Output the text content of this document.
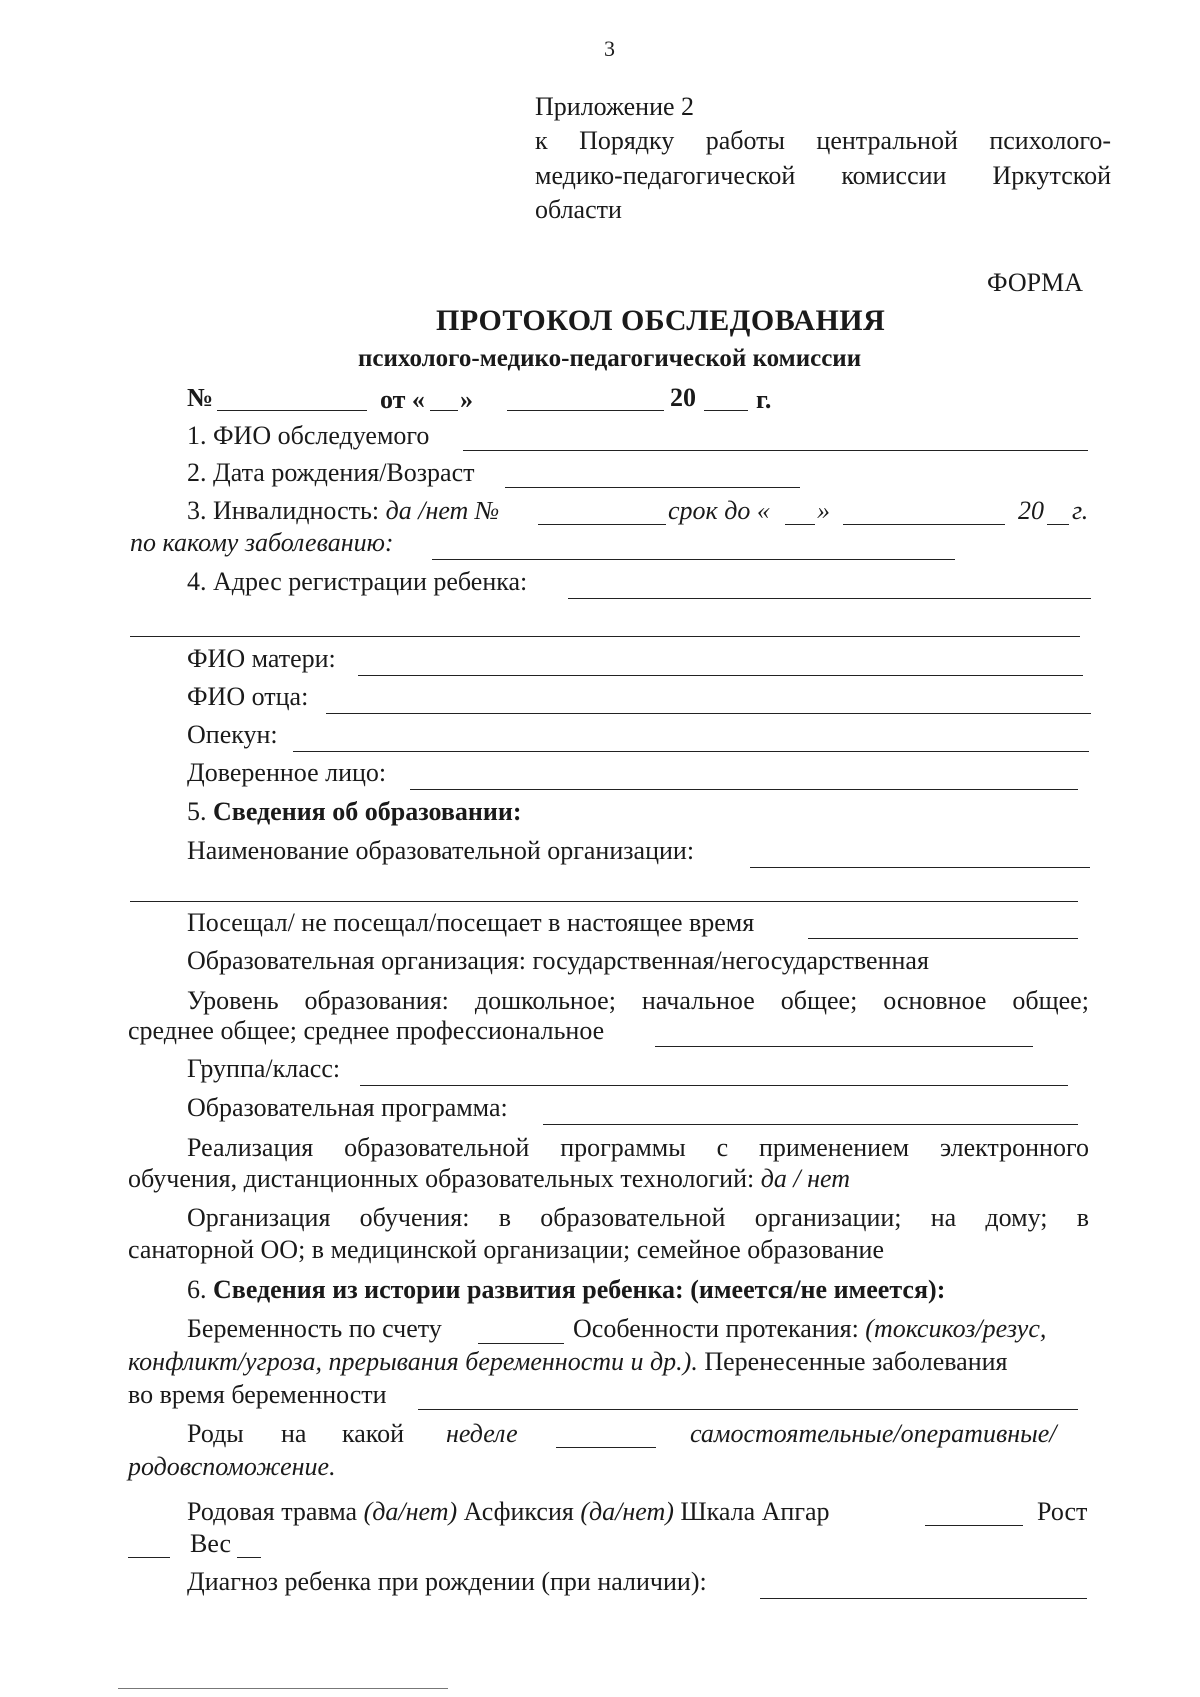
3
Приложение 2
к Порядку работы центральной психолого-
медико-педагогической комиссии Иркутской
области
ФОРМА
ПРОТОКОЛ ОБСЛЕДОВАНИЯ
психолого-медико-педагогической комиссии
№	от « »	20 г.
1. ФИО обследуемого
2. Дата рождения/Возраст
3. Инвалидность: да /нет №	срок до « »	20 г.
по какому заболеванию:
4. Адрес регистрации ребенка:
ФИО матери:
ФИО отца:
Опекун:
Доверенное лицо:
5. Сведения об образовании:
Наименование образовательной организации:
Посещал/ не посещал/посещает в настоящее время
Образовательная организация: государственная/негосударственная
Уровень образования: дошкольное; начальное общее; основное общее;
среднее общее; среднее профессиональное
Группа/класс:
Образовательная программа:
Реализация образовательной программы с применением электронного
обучения, дистанционных образовательных технологий: да / нет
Организация обучения: в образовательной организации; на дому; в
санаторной ОО; в медицинской организации; семейное образование
6. Сведения из истории развития ребенка: (имеется/не имеется):
Беременность по счету	Особенности протекания: (токсикоз/резус,
конфликт/угроза, прерывания беременности и др.). Перенесенные заболевания
во время беременности
Роды на какой неделе	самостоятельные/оперативные/
родовспоможение.
Родовая травма (да/нет) Асфиксия (да/нет) Шкала Апгар	Рост
Вес
Диагноз ребенка при рождении (при наличии):
